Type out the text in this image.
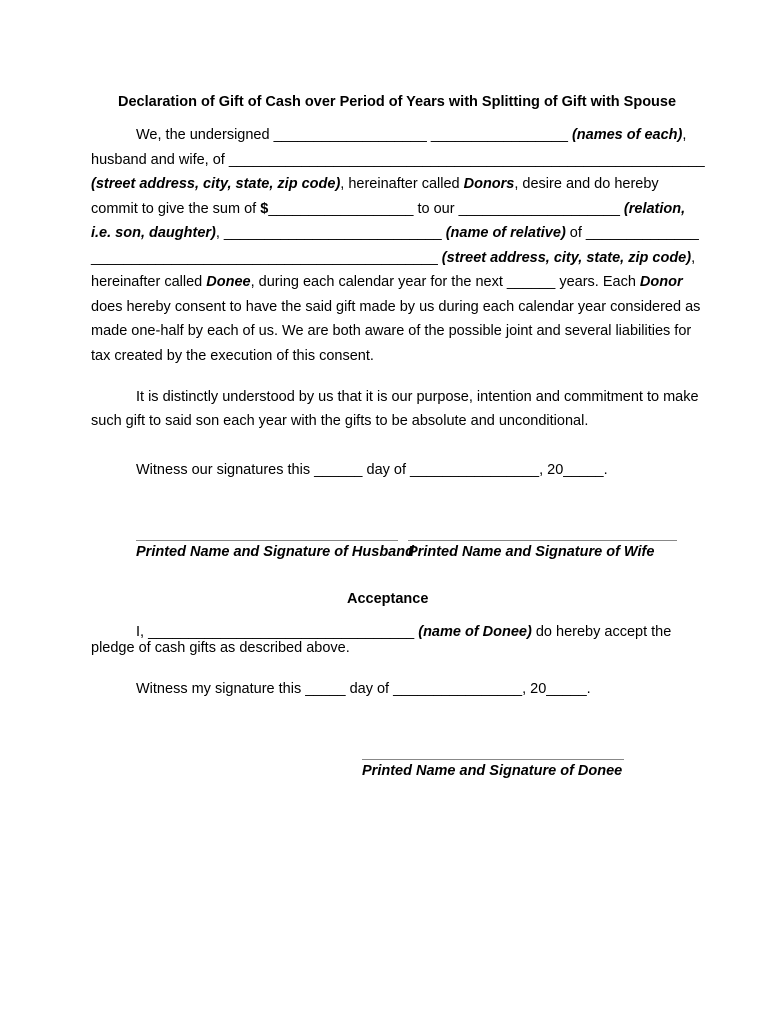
Declaration of Gift of Cash over Period of Years with Splitting of Gift with Spouse
We, the undersigned ___________________ _________________ (names of each),
husband and wife, of ___________________________________________________________
(street address, city, state, zip code), hereinafter called Donors, desire and do hereby
commit to give the sum of $__________________ to our ____________________ (relation,
i.e. son, daughter), ___________________________ (name of relative) of ______________
___________________________________________ (street address, city, state, zip code),
hereinafter called Donee, during each calendar year for the next ______ years. Each Donor
does hereby consent to have the said gift made by us during each calendar year considered as
made one-half by each of us. We are both aware of the possible joint and several liabilities for
tax created by the execution of this consent.
It is distinctly understood by us that it is our purpose, intention and commitment to make
such gift to said son each year with the gifts to be absolute and unconditional.
Witness our signatures this ______ day of ________________, 20_____.
Printed Name and Signature of Husband
Printed Name and Signature of Wife
Acceptance
I, _________________________________ (name of Donee) do hereby accept the
pledge of cash gifts as described above.
Witness my signature this _____ day of ________________, 20_____.
Printed Name and Signature of Donee
